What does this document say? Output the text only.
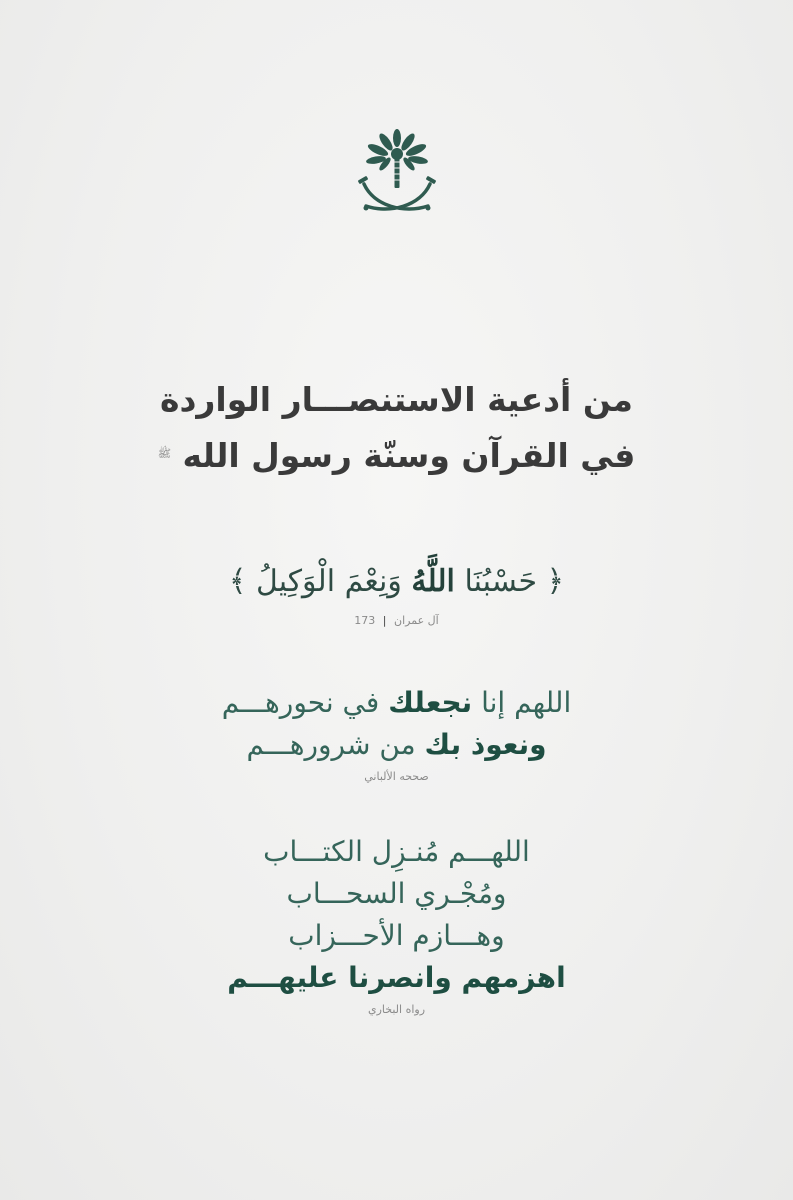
من أدعية الاستنصـــار الواردة
في القرآن وسنّة رسول الله $^ﷺ$
﴿ حَسْبُنَا اللَّهُ وَنِعْمَ الْوَكِيلُ ﴾
آل عمران | 173
اللهم إنا نجعلك في نحورهـــم
ونعوذ بك من شرورهـــم
صححه الألباني
اللهـــم مُنـزِل الكتـــاب
ومُجْـري السحـــاب
وهـــازم الأحـــزاب
اهزمهم وانصرنا عليهـــم
رواه البخاري
